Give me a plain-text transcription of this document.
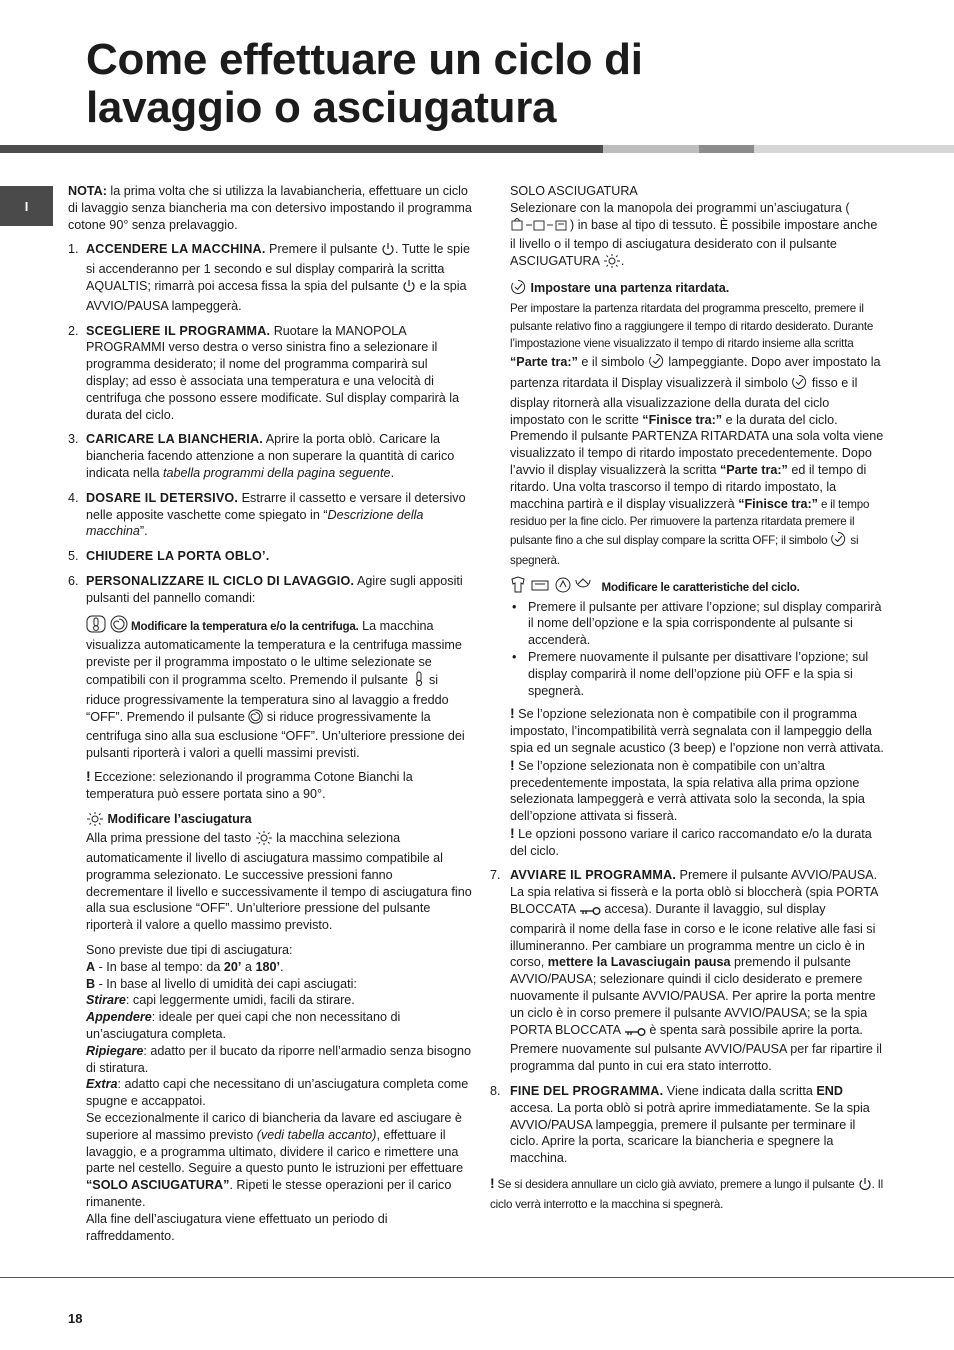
Come effettuare un ciclo di
lavaggio o asciugatura
I

NOTA: la prima volta che si utilizza la lavabiancheria, effettuare un ciclo di lavaggio senza biancheria ma con detersivo impostando il programma cotone 90° senza prelavaggio.

1. ACCENDERE LA MACCHINA. Premere il pulsante . Tutte le spie si accenderanno per 1 secondo e sul display comparirà la scritta AQUALTIS; rimarrà poi accesa fissa la spia del pulsante  e la spia AVVIO/PAUSA lampeggerà.
2. SCEGLIERE IL PROGRAMMA. Ruotare la MANOPOLA PROGRAMMI verso destra o verso sinistra fino a selezionare il programma desiderato; il nome del programma comparirà sul display; ad esso è associata una temperatura e una velocità di centrifuga che possono essere modificate. Sul display comparirà la durata del ciclo.
3. CARICARE LA BIANCHERIA. Aprire la porta oblò. Caricare la biancheria facendo attenzione a non superare la quantità di carico indicata nella tabella programmi della pagina seguente.
4. DOSARE IL DETERSIVO. Estrarre il cassetto e versare il detersivo nelle apposite vaschette come spiegato in “Descrizione della macchina”.
5. CHIUDERE LA PORTA OBLO’.
6. PERSONALIZZARE IL CICLO DI LAVAGGIO. Agire sugli appositi pulsanti del pannello comandi:

Modificare la temperatura e/o la centrifuga. La macchina visualizza automaticamente la temperatura e la centrifuga massime previste per il programma impostato o le ultime selezionate se compatibili con il programma scelto. Premendo il pulsante  si riduce progressivamente la temperatura sino al lavaggio a freddo “OFF”. Premendo il pulsante  si riduce progressivamente la centrifuga sino alla sua esclusione “OFF”. Un’ulteriore pressione dei pulsanti riporterà i valori a quelli massimi previsti.

! Eccezione: selezionando il programma Cotone Bianchi la temperatura può essere portata sino a 90°.

Modificare l’asciugatura

Alla prima pressione del tasto  la macchina seleziona automaticamente il livello di asciugatura massimo compatibile al programma selezionato. Le successive pressioni fanno decrementare il livello e successivamente il tempo di asciugatura fino alla sua esclusione “OFF”. Un’ulteriore pressione del pulsante riporterà il valore a quello massimo previsto.

Sono previste due tipi di asciugatura:

A - In base al tempo: da 20’ a 180’.

B - In base al livello di umidità dei capi asciugati:

Stirare: capi leggermente umidi, facili da stirare.

Appendere: ideale per quei capi che non necessitano di un’asciugatura completa.

Ripiegare: adatto per il bucato da riporre nell’armadio senza bisogno di stiratura.

Extra: adatto capi che necessitano di un’asciugatura completa come spugne e accappatoi.

Se eccezionalmente il carico di biancheria da lavare ed asciugare è superiore al massimo previsto (vedi tabella accanto), effettuare il lavaggio, e a programma ultimato, dividere il carico e rimettere una parte nel cestello. Seguire a questo punto le istruzioni per effettuare “SOLO ASCIUGATURA”. Ripeti le stesse operazioni per il carico rimanente.

Alla fine dell’asciugatura viene effettuato un periodo di raffreddamento.

SOLO ASCIUGATURA

Selezionare con la manopola dei programmi un’asciugatura () in base al tipo di tessuto. È possibile impostare anche il livello o il tempo di asciugatura desiderato con il pulsante ASCIUGATURA .

Impostare una partenza ritardata.

Per impostare la partenza ritardata del programma prescelto, premere il pulsante relativo fino a raggiungere il tempo di ritardo desiderato. Durante l’impostazione viene visualizzato il tempo di ritardo insieme alla scritta “Parte tra:” e il simbolo  lampeggiante. Dopo aver impostato la partenza ritardata il Display visualizzerà il simbolo  fisso e il display ritornerà alla visualizzazione della durata del ciclo impostato con le scritte “Finisce tra:” e la durata del ciclo. Premendo il pulsante PARTENZA RITARDATA una sola volta viene visualizzato il tempo di ritardo impostato precedentemente. Dopo l’avvio il display visualizzerà la scritta “Parte tra:” ed il tempo di ritardo. Una volta trascorso il tempo di ritardo impostato, la macchina partirà e il display visualizzerà “Finisce tra:” e il tempo residuo per la fine ciclo. Per rimuovere la partenza ritardata premere il pulsante fino a che sul display compare la scritta OFF; il simbolo  si spegnerà.

Modificare le caratteristiche del ciclo.

• Premere il pulsante per attivare l’opzione; sul display comparirà il nome dell’opzione e la spia corrispondente al pulsante si accenderà.
• Premere nuovamente il pulsante per disattivare l’opzione; sul display comparirà il nome dell’opzione più OFF e la spia si spegnerà.

! Se l’opzione selezionata non è compatibile con il programma impostato, l’incompatibilità verrà segnalata con il lampeggio della spia ed un segnale acustico (3 beep) e l’opzione non verrà attivata.

! Se l’opzione selezionata non è compatibile con un’altra precedentemente impostata, la spia relativa alla prima opzione selezionata lampeggerà e verrà attivata solo la seconda, la spia dell’opzione attivata si fisserà.

! Le opzioni possono variare il carico raccomandato e/o la durata del ciclo.

7. AVVIARE IL PROGRAMMA. Premere il pulsante AVVIO/PAUSA. La spia relativa si fisserà e la porta oblò si bloccherà (spia PORTA BLOCCATA  accesa). Durante il lavaggio, sul display comparirà il nome della fase in corso e le icone relative alle fasi si illumineranno. Per cambiare un programma mentre un ciclo è in corso, mettere la Lavasciugain pausa premendo il pulsante AVVIO/PAUSA; selezionare quindi il ciclo desiderato e premere nuovamente il pulsante AVVIO/PAUSA. Per aprire la porta mentre un ciclo è in corso premere il pulsante AVVIO/PAUSA; se la spia PORTA BLOCCATA  è spenta sarà possibile aprire la porta. Premere nuovamente sul pulsante AVVIO/PAUSA per far ripartire il programma dal punto in cui era stato interrotto.
8. FINE DEL PROGRAMMA. Viene indicata dalla scritta END accesa. La porta oblò si potrà aprire immediatamente. Se la spia AVVIO/PAUSA lampeggia, premere il pulsante per terminare il ciclo. Aprire la porta, scaricare la biancheria e spegnere la macchina.

! Se si desidera annullare un ciclo già avviato, premere a lungo il pulsante . Il ciclo verrà interrotto e la macchina si spegnerà.

18
